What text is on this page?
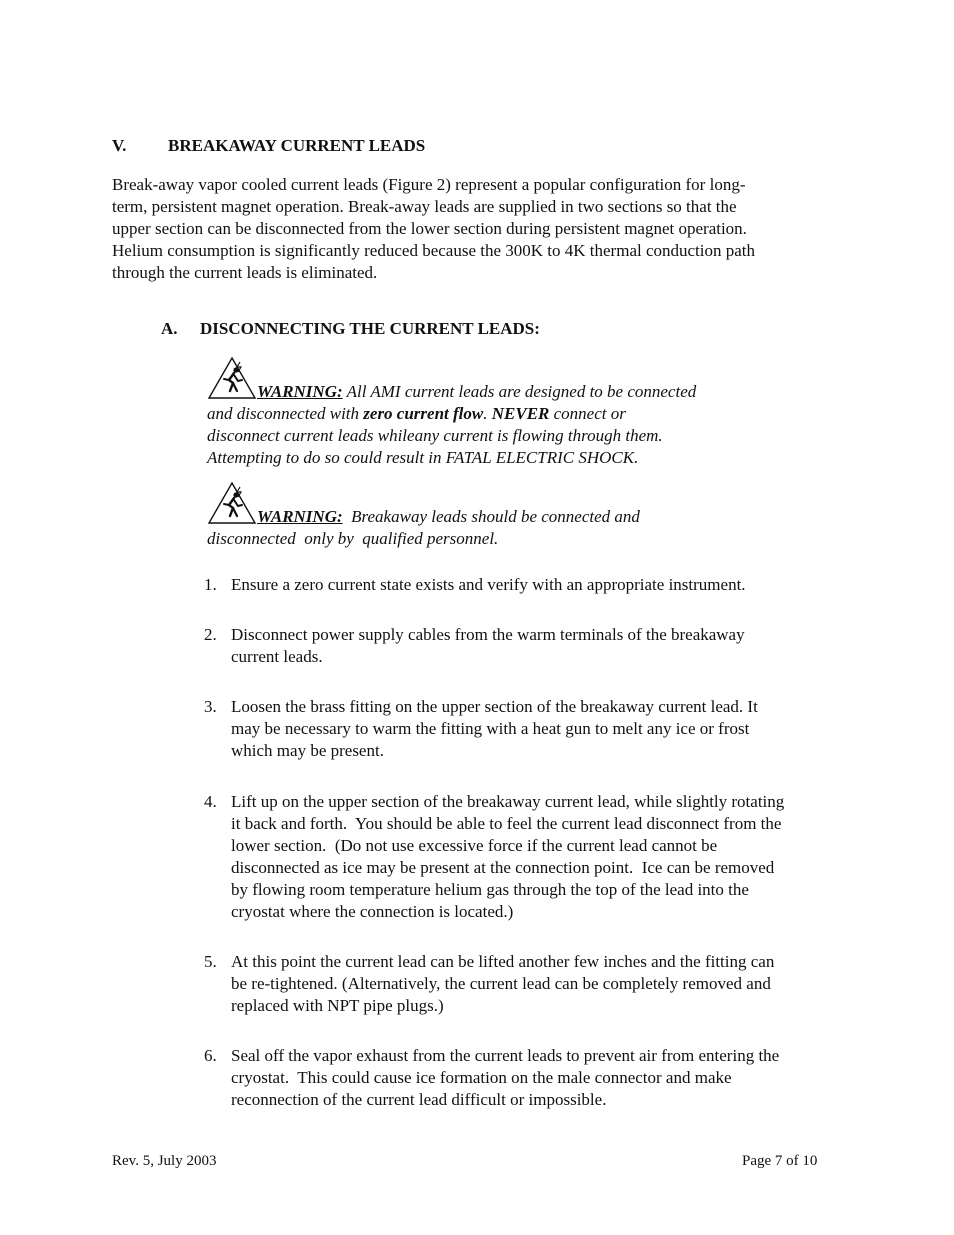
V. BREAKAWAY CURRENT LEADS
Break-away vapor cooled current leads (Figure 2) represent a popular configuration for long-
term, persistent magnet operation. Break-away leads are supplied in two sections so that the
upper section can be disconnected from the lower section during persistent magnet operation.
Helium consumption is significantly reduced because the 300K to 4K thermal conduction path
through the current leads is eliminated.
A. DISCONNECTING THE CURRENT LEADS:
WARNING: All AMI current leads are designed to be connected
and disconnected with zero current flow. NEVER connect or
disconnect current leads whileany current is flowing through them.
Attempting to do so could result in FATAL ELECTRIC SHOCK.
WARNING:  Breakaway leads should be connected and
disconnected  only by  qualified personnel.
1. Ensure a zero current state exists and verify with an appropriate instrument.
2. Disconnect power supply cables from the warm terminals of the breakaway
current leads.
3. Loosen the brass fitting on the upper section of the breakaway current lead. It
may be necessary to warm the fitting with a heat gun to melt any ice or frost
which may be present.
4. Lift up on the upper section of the breakaway current lead, while slightly rotating
it back and forth.  You should be able to feel the current lead disconnect from the
lower section.  (Do not use excessive force if the current lead cannot be
disconnected as ice may be present at the connection point.  Ice can be removed
by flowing room temperature helium gas through the top of the lead into the
cryostat where the connection is located.)
5. At this point the current lead can be lifted another few inches and the fitting can
be re-tightened. (Alternatively, the current lead can be completely removed and
replaced with NPT pipe plugs.)
6. Seal off the vapor exhaust from the current leads to prevent air from entering the
cryostat.  This could cause ice formation on the male connector and make
reconnection of the current lead difficult or impossible.
Rev. 5, July 2003	Page 7 of 10
